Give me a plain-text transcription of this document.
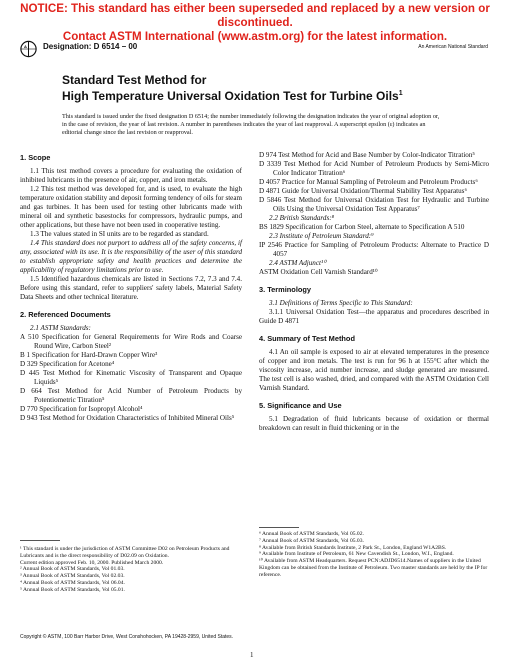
NOTICE: This standard has either been superseded and replaced by a new version or discontinued.
Contact ASTM International (www.astm.org) for the latest information.
A Designation: D 6514 – 00	An American National Standard
Standard Test Method for
High Temperature Universal Oxidation Test for Turbine Oils$^1$
This standard is issued under the fixed designation D 6514; the number immediately following the designation indicates the year of original adoption or, in the case of revision, the year of last revision. A number in parentheses indicates the year of last reapproval. A superscript epsilon (ε) indicates an editorial change since the last revision or reapproval.
1. Scope

1.1 This test method covers a procedure for evaluating the oxidation of inhibited lubricants in the presence of air, copper, and iron metals.

1.2 This test method was developed for, and is used, to evaluate the high temperature oxidation stability and deposit forming tendency of oils for steam and gas turbines. It has been used for testing other lubricants made with mineral oil and synthetic basestocks for compressors, hydraulic pumps, and other applications, but these have not been used in cooperative testing.

1.3 The values stated in SI units are to be regarded as standard.

1.4 This standard does not purport to address all of the safety concerns, if any, associated with its use. It is the responsibility of the user of this standard to establish appropriate safety and health practices and determine the applicability of regulatory limitations prior to use.

1.5 Identified hazardous chemicals are listed in Sections 7.2, 7.3 and 7.4. Before using this standard, refer to suppliers' safety labels, Material Safety Data Sheets and other technical literature.

2. Referenced Documents

2.1 ASTM Standards:

A 510 Specification for General Requirements for Wire Rods and Coarse Round Wire, Carbon Steel²

B 1 Specification for Hard-Drawn Copper Wire³

D 329 Specification for Acetone⁴

D 445 Test Method for Kinematic Viscosity of Transparent and Opaque Liquids⁵

D 664 Test Method for Acid Number of Petroleum Products by Potentiometric Titration⁵

D 770 Specification for Isopropyl Alcohol⁴

D 943 Test Method for Oxidation Characteristics of Inhibited Mineral Oils⁵

D 974 Test Method for Acid and Base Number by Color-Indicator Titration⁵

D 3339 Test Method for Acid Number of Petroleum Products by Semi-Micro Color Indicator Titration⁶

D 4057 Practice for Manual Sampling of Petroleum and Petroleum Products⁶

D 4871 Guide for Universal Oxidation/Thermal Stability Test Apparatus⁶

D 5846 Test Method for Universal Oxidation Test for Hydraulic and Turbine Oils Using the Universal Oxidation Test Apparatus⁷

2.2 British Standards:⁸

BS 1829 Specification for Carbon Steel, alternate to Specification A 510

2.3 Institute of Petroleum Standard:⁹

IP 2546 Practice for Sampling of Petroleum Products: Alternate to Practice D 4057

2.4 ASTM Adjunct¹⁰

ASTM Oxidation Cell Varnish Standard¹⁰

3. Terminology

3.1 Definitions of Terms Specific to This Standard:

3.1.1 Universal Oxidation Test—the apparatus and procedures described in Guide D 4871

4. Summary of Test Method

4.1 An oil sample is exposed to air at elevated temperatures in the presence of copper and iron metals. The test is run for 96 h at 155°C after which the viscosity increase, acid number increase, and sludge generated are measured. The test cell is also washed, dried, and compared with the ASTM Oxidation Cell Varnish Standard.

5. Significance and Use

5.1 Degradation of fluid lubricants because of oxidation or thermal breakdown can result in fluid thickening or in the

¹ This standard is under the jurisdiction of ASTM Committee D02 on Petroleum Products and Lubricants and is the direct responsibility of D02.09 on Oxidation.

Current edition approved Feb. 10, 2000. Published March 2000.

² Annual Book of ASTM Standards, Vol 01.03.

³ Annual Book of ASTM Standards, Vol 02.03.

⁴ Annual Book of ASTM Standards, Vol 06.04.

⁵ Annual Book of ASTM Standards, Vol 05.01.

⁶ Annual Book of ASTM Standards, Vol 05.02.

⁷ Annual Book of ASTM Standards, Vol 05.03.

⁸ Available from British Standards Institute, 2 Park St., London, England W1A2BS.

⁹ Available from Institute of Petroleum, 61 New Cavendish St., London, W.I., England.

¹⁰ Available from ASTM Headquarters. Request PCN:ADJD6514.Names of suppliers in the United Kingdom can be obtained from the Institute of Petroleum. Two master standards are held by the IP for reference.

Copyright © ASTM, 100 Barr Harbor Drive, West Conshohocken, PA 19428-2959, United States.
1
